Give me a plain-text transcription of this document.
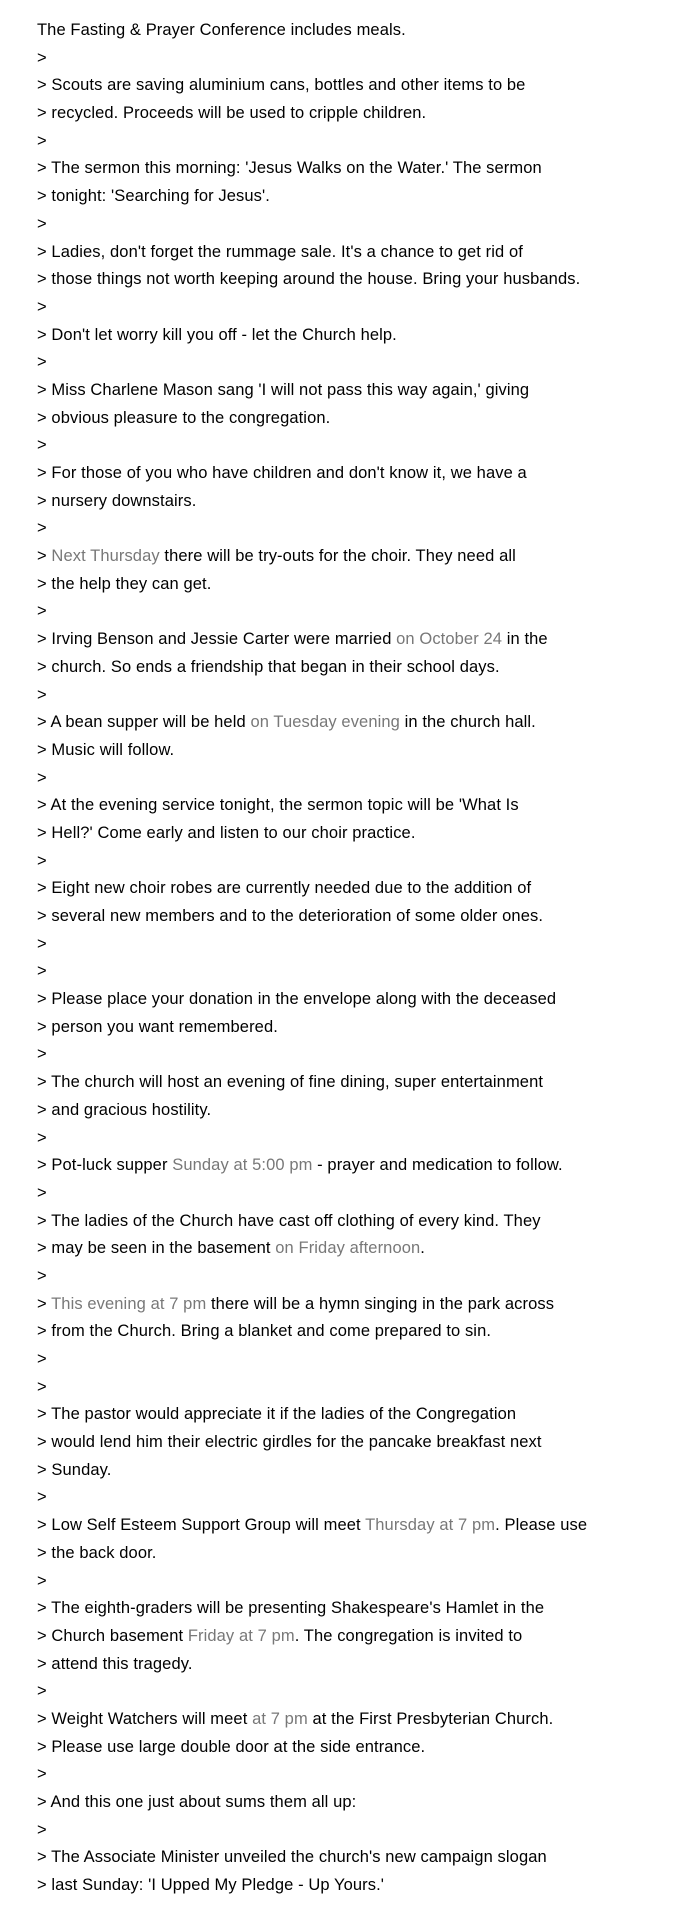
The Fasting & Prayer Conference includes meals.
>
> Scouts are saving aluminium cans, bottles and other items to be
> recycled. Proceeds will be used to cripple children.
>
> The sermon this morning: 'Jesus Walks on the Water.' The sermon
> tonight: 'Searching for Jesus'.
>
> Ladies, don't forget the rummage sale. It's a chance to get rid of
> those things not worth keeping around the house. Bring your husbands.
>
> Don't let worry kill you off - let the Church help.
>
> Miss Charlene Mason sang 'I will not pass this way again,' giving
> obvious pleasure to the congregation.
>
> For those of you who have children and don't know it, we have a
> nursery downstairs.
>
> Next Thursday there will be try-outs for the choir. They need all
> the help they can get.
>
> Irving Benson and Jessie Carter were married on October 24 in the
> church. So ends a friendship that began in their school days.
>
> A bean supper will be held on Tuesday evening in the church hall.
> Music will follow.
>
> At the evening service tonight, the sermon topic will be 'What Is
> Hell?' Come early and listen to our choir practice.
>
> Eight new choir robes are currently needed due to the addition of
> several new members and to the deterioration of some older ones.
>
>
> Please place your donation in the envelope along with the deceased
> person you want remembered.
>
> The church will host an evening of fine dining, super entertainment
> and gracious hostility.
>
> Pot-luck supper Sunday at 5:00 pm - prayer and medication to follow.
>
> The ladies of the Church have cast off clothing of every kind. They
> may be seen in the basement on Friday afternoon.
>
> This evening at 7 pm there will be a hymn singing in the park across
> from the Church. Bring a blanket and come prepared to sin.
>
>
> The pastor would appreciate it if the ladies of the Congregation
> would lend him their electric girdles for the pancake breakfast next
> Sunday.
>
> Low Self Esteem Support Group will meet Thursday at 7 pm. Please use
> the back door.
>
> The eighth-graders will be presenting Shakespeare's Hamlet in the
> Church basement Friday at 7 pm. The congregation is invited to
> attend this tragedy.
>
> Weight Watchers will meet at 7 pm at the First Presbyterian Church.
> Please use large double door at the side entrance.
>
> And this one just about sums them all up:
>
> The Associate Minister unveiled the church's new campaign slogan
> last Sunday: 'I Upped My Pledge - Up Yours.'
